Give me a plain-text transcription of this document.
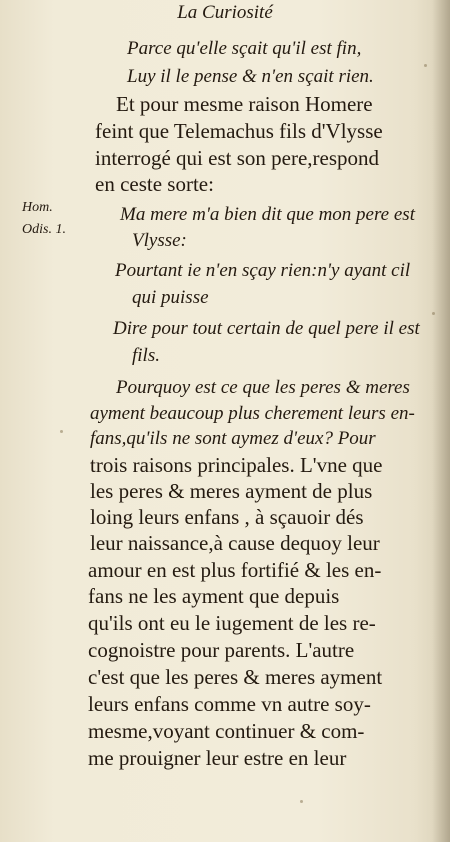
La Curiosité
Hom.
Odis. 1.
Parce qu'elle sçait qu'il est fin,
Luy il le pense & n'en sçait rien.
Et pour mesme raison Homere
feint que Telemachus fils d'Vlysse
interrogé qui est son pere,respond
en ceste sorte:
Ma mere m'a bien dit que mon pere est
Vlysse:
Pourtant ie n'en sçay rien:n'y ayant cil
qui puisse
Dire pour tout certain de quel pere il est
fils.
Pourquoy est ce que les peres & meres
ayment beaucoup plus cherement leurs en-
fans,qu'ils ne sont aymez d'eux? Pour
trois raisons principales. L'vne que
les peres & meres ayment de plus
loing leurs enfans , à sçauoir dés
leur naissance,à cause dequoy leur
amour en est plus fortifié & les en-
fans ne les ayment que depuis
qu'ils ont eu le iugement de les re-
cognoistre pour parents. L'autre
c'est que les peres & meres ayment
leurs enfans comme vn autre soy-
mesme,voyant continuer & com-
me prouigner leur estre en leur
